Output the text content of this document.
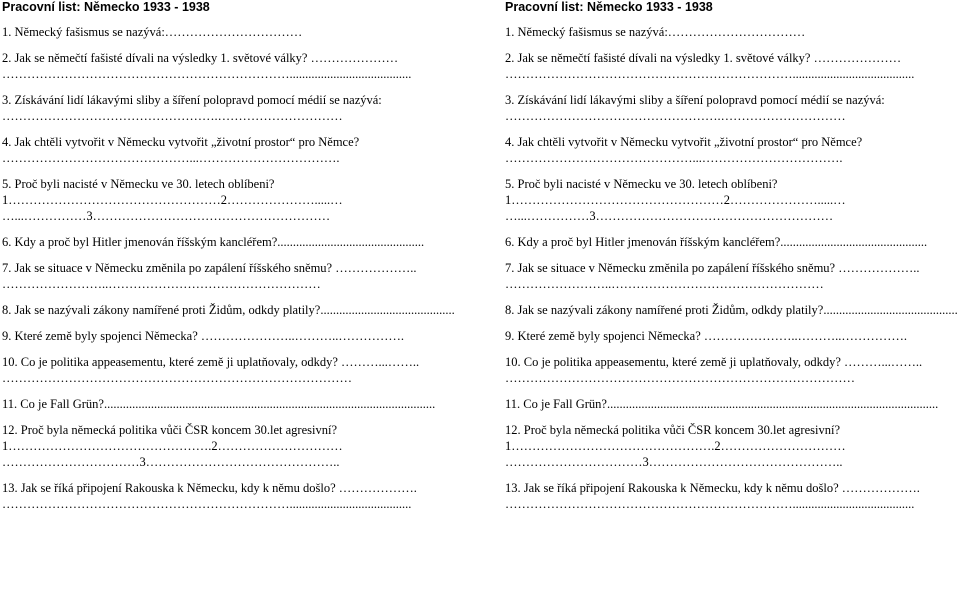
Pracovní list: Německo 1933 - 1938
1. Německý fašismus se nazývá:……………………………
2. Jak se němečtí fašisté dívali na výsledky 1. světové války? …………………
…………………………………………………………….......................................
3. Získávání lidí lákavými sliby a šíření polopravd pomocí médií se nazývá:
…………………………………………….…………………………
4. Jak chtěli vytvořit v Německu vytvořit „životní prostor“ pro Němce?
………………………………………...…………………………….
5. Proč byli nacisté v Německu ve 30. letech oblíbeni?
1……………………………………………2………………….....…
…...……………3…………………………………………………
6. Kdy a proč byl Hitler jmenován říšským kancléřem?...............................................
7. Jak se situace v Německu změnila po zapálení říšského sněmu? ………………..
……………………..……………………………………………
8. Jak se nazývali zákony namířené proti Židům, odkdy platily?...........................................
9. Které země byly spojenci Německa? …………………..………..…………….
10. Co je politika appeasementu, které země ji uplatňovaly, odkdy? ………...……..
…………………………………………………………………………
11. Co je Fall Grün?..........................................................................................................
12. Proč byla německá politika vůči ČSR koncem 30.let agresivní?
1………………………………………….2…………………………
……………………………3………………………………………..
13. Jak se říká připojení Rakouska k Německu, kdy k němu došlo? ……………….
…………………………………………………………….......................................
Pracovní list: Německo 1933 - 1938
1. Německý fašismus se nazývá:……………………………
2. Jak se němečtí fašisté dívali na výsledky 1. světové války? …………………
…………………………………………………………….......................................
3. Získávání lidí lákavými sliby a šíření polopravd pomocí médií se nazývá:
…………………………………………….…………………………
4. Jak chtěli vytvořit v Německu vytvořit „životní prostor“ pro Němce?
………………………………………...…………………………….
5. Proč byli nacisté v Německu ve 30. letech oblíbeni?
1……………………………………………2………………….....…
…...……………3…………………………………………………
6. Kdy a proč byl Hitler jmenován říšským kancléřem?...............................................
7. Jak se situace v Německu změnila po zapálení říšského sněmu? ………………..
……………………..……………………………………………
8. Jak se nazývali zákony namířené proti Židům, odkdy platily?...........................................
9. Které země byly spojenci Německa? …………………..………..…………….
10. Co je politika appeasementu, které země ji uplatňovaly, odkdy? ………...……..
…………………………………………………………………………
11. Co je Fall Grün?..........................................................................................................
12. Proč byla německá politika vůči ČSR koncem 30.let agresivní?
1………………………………………….2…………………………
……………………………3………………………………………..
13. Jak se říká připojení Rakouska k Německu, kdy k němu došlo? ……………….
…………………………………………………………….......................................
